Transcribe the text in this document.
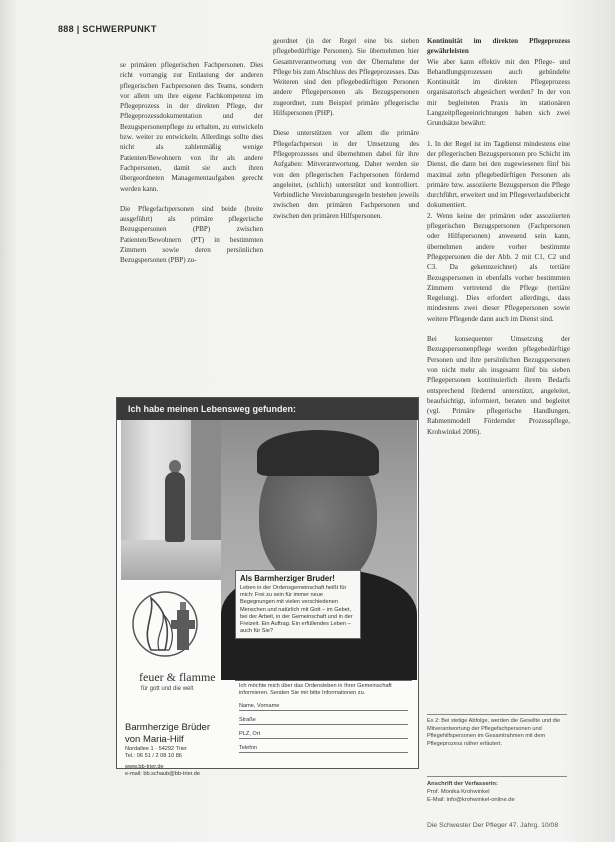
888 | SCHWERPUNKT

se primären pflegerischen Fachpersonen. Dies richt vorrangig zur Entlastung der anderen pflegerischen Fachpersonen des Teams, sondern vor allem um ihre eigene Fachkompetenz im Pflegeprozess in der direkten Pflege, der Pflegeprozessdokumentation und der Bezugspersonenpflege zu erhalten, zu entwickeln bzw. weiter zu entwickeln. Allerdings sollte dies nicht als zahlenmäßig wenige Patienten/Bewohnern von ihr als andere Fachpersonen, damit sie auch ihren übergeordneten Managementaufgaben gerecht werden kann.

Die Pflegefachpersonen sind beide (breite ausgeführt) als primäre pflegerische Bezugspersonen (PBP) zwischen Patienten/Bewohnern (PT) in bestimmten Zimmern sowie deren persönlichen Bezugspersonen (PBP) zu-

geordnet (in der Regel eine bis sieben pflegebedürftige Personen). Sie übernehmen hier Gesamtverantwortung von der Übernahme der Pflege bis zum Abschluss des Pflegeprozesses. Das Weiteren sind den pflegebedürftigen Personen andere Pflegepersonen als Bezugspersonen zugeordnet, zum Beispiel primäre pflegerische Hilfspersonen (PHP).

Diese unterstützen vor allem die primäre Pflegefachperson in der Umsetzung des Pflegeprozesses und übernehmen dabei für ihre Aufgaben: Mitverantwortung. Daher werden sie von den pflegerischen Fachpersonen fördernd angeleitet, (schlich) unterstützt und kontrolliert. Verbindliche Vereinbarungsregeln bestehen jeweils zwischen den primären Fachpersonen und zwischen den primären Hilfspersonen.

Kontinuität im direkten Pflegeprozess gewährleisten

Wie aber kann effektiv mit den Pflege- und Behandlungsprozessen auch gebündelte Kontinuität im direkten Pflegeprozess organisatorisch abgesichert werden? In der von mir begleiteten Praxis im stationären Langzeitpflegeeinrichtungen haben sich zwei Grundsätze bewährt:

1. In der Regel ist im Tagdienst mindestens eine der pflegerischen Bezugspersonen pro Schicht im Dienst, die dann bei den zugewiesenen fünf bis maximal zehn pflegebedürftigen Personen als primäre bzw. assoziierte Bezugsperson die Pflege durchführt, erweitert und im Pflegeverlaufsbericht dokumentiert.

2. Wenn keine der primären oder assoziierten pflegerischen Bezugspersonen (Fachpersonen oder Hilfspersonen) anwesend sein kann, übernehmen andere vorher bestimmte Pflegepersonen die der Abb. 2 mit C1, C2 und C3. Da gekennzeichnet) als tertiäre Bezugspersonen in ebenfalls vorher bestimmten Zimmern vertretend die Pflege (tertiäre Regelung). Dies erfordert allerdings, dass mindestens zwei dieser Pflegepersonen sowie weitere Pflegende dann auch im Dienst sind.

Bei konsequenter Umsetzung der Bezugspersonenpflege werden pflegebedürftige Personen und ihre persönlichen Bezugspersonen von nicht mehr als insgesamt fünf bis sieben Pflegepersonen kontinuierlich ihrem Bedarfs entsprechend fördernd unterstützt, angeleitet, beaufsichtigt, informiert, beraten und begleitet (vgl. Primäre pflegerische Handlungen, Rahmenmodell Fördernder Prozesspflege, Krohwinkel 2006).

Ex 2: Bei stetige Abfolge, werden die Gesellte und die Mitverantwortung der Pflegefachpersonen und Pflegehilfspersonen im Gesamtrahmen mit dem Pflegeprozess näher erläutert.
Anschrift der Verfasserin:
Prof. Monika Krohwinkel
E-Mail: info@krohwinkel-online.de
Die Schwester Der Pfleger 47. Jahrg. 10/08
Ich habe meinen Lebensweg gefunden:
feuer & flamme
für gott und die welt
Barmherzige Brüder
von Maria-Hilf
Nordallee 1 · 54292 Trier
Tel.: 06 51 / 2 08 10 86
www.bb-trier.de
e-mail: bb.schaub@bb-trier.de
Als Barmherziger Bruder!
Leben in der Ordensgemeinschaft heißt für mich: Frei zu sein für immer neue Begegnungen mit vielen verschiedenen Menschen und natürlich mit Gott – im Gebet, bei der Arbeit, in der Gemeinschaft und in der Freizeit. Ein Auftrag. Ein erfüllendes Leben – auch für Sie?
Ich möchte mich über das Ordensleben in Ihrer Gemeinschaft informieren. Senden Sie mir bitte Informationen zu.
Name, Vorname
Straße
PLZ, Ort
Telefon
